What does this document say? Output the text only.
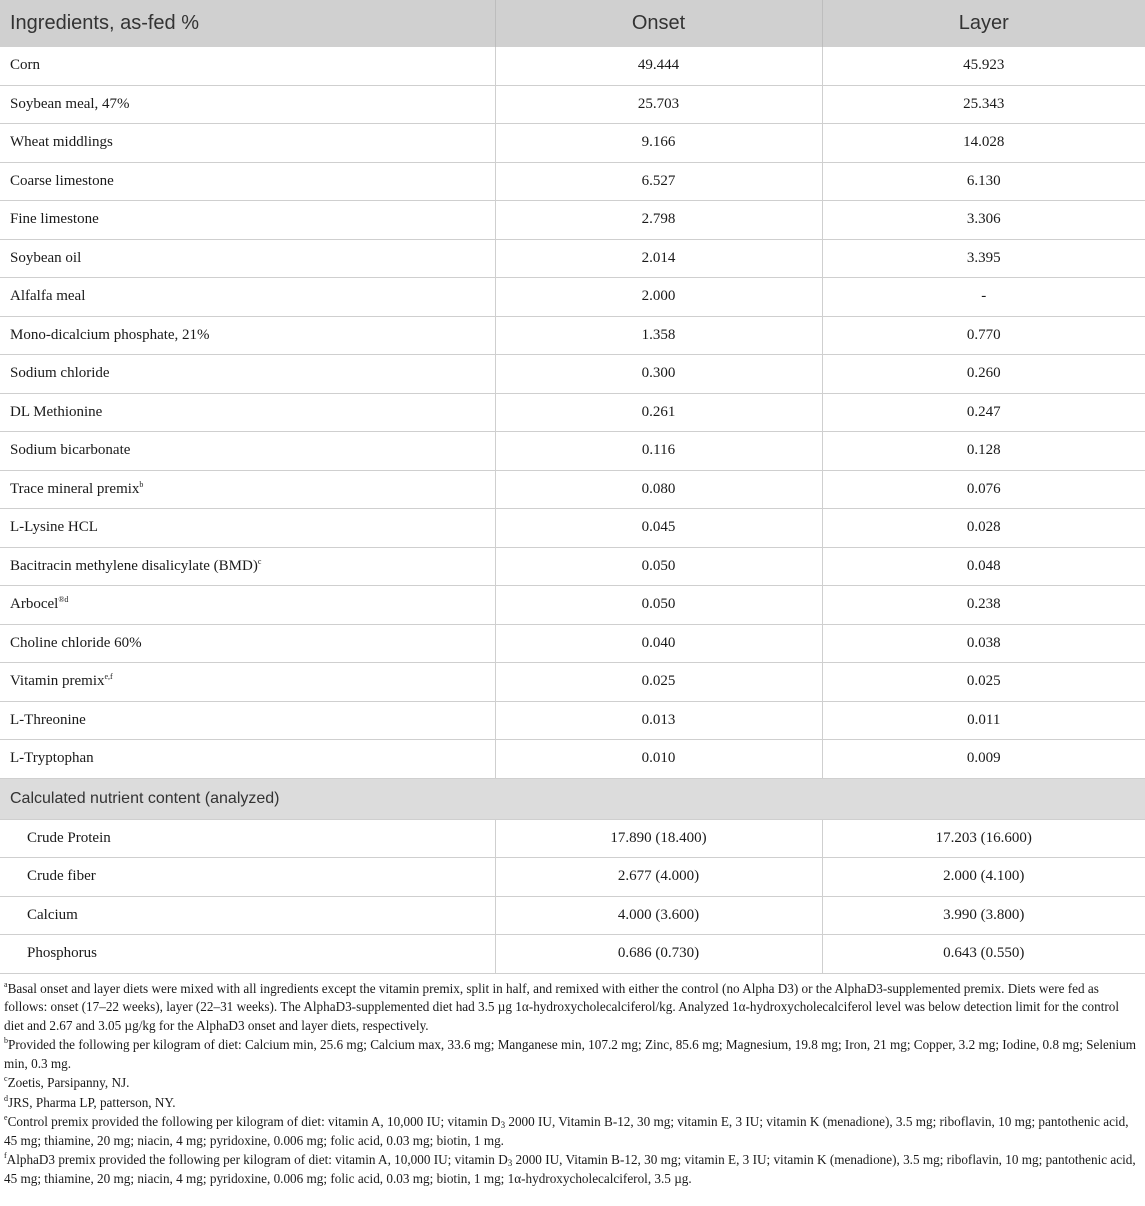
Ingredients, as-fed %	Onset	Layer
Corn	49.444	45.923
Soybean meal, 47%	25.703	25.343
Wheat middlings	9.166	14.028
Coarse limestone	6.527	6.130
Fine limestone	2.798	3.306
Soybean oil	2.014	3.395
Alfalfa meal	2.000	-
Mono-dicalcium phosphate, 21%	1.358	0.770
Sodium chloride	0.300	0.260
DL Methionine	0.261	0.247
Sodium bicarbonate	0.116	0.128
Trace mineral premix$^b$	0.080	0.076
L-Lysine HCL	0.045	0.028
Bacitracin methylene disalicylate (BMD)$^c$	0.050	0.048
Arbocel$^{®d}$	0.050	0.238
Choline chloride 60%	0.040	0.038
Vitamin premix$^{e,f}$	0.025	0.025
L-Threonine	0.013	0.011
L-Tryptophan	0.010	0.009
Calculated nutrient content (analyzed)		
Crude Protein	17.890 (18.400)	17.203 (16.600)
Crude fiber	2.677 (4.000)	2.000 (4.100)
Calcium	4.000 (3.600)	3.990 (3.800)
Phosphorus	0.686 (0.730)	0.643 (0.550)
$^a$Basal onset and layer diets were mixed with all ingredients except the vitamin premix, split in half, and remixed with either the control (no Alpha D3) or the AlphaD3-supplemented premix. Diets were fed as follows: onset (17–22 weeks), layer (22–31 weeks). The AlphaD3-supplemented diet had 3.5 µg 1α-hydroxycholecalciferol/kg. Analyzed 1α-hydroxycholecalciferol level was below detection limit for the control diet and 2.67 and 3.05 µg/kg for the AlphaD3 onset and layer diets, respectively.
$^b$Provided the following per kilogram of diet: Calcium min, 25.6 mg; Calcium max, 33.6 mg; Manganese min, 107.2 mg; Zinc, 85.6 mg; Magnesium, 19.8 mg; Iron, 21 mg; Copper, 3.2 mg; Iodine, 0.8 mg; Selenium min, 0.3 mg.
$^c$Zoetis, Parsipanny, NJ.
$^d$JRS, Pharma LP, patterson, NY.
$^e$Control premix provided the following per kilogram of diet: vitamin A, 10,000 IU; vitamin $D_3$ 2000 IU, Vitamin B-12, 30 mg; vitamin E, 3 IU; vitamin K (menadione), 3.5 mg; riboflavin, 10 mg; pantothenic acid, 45 mg; thiamine, 20 mg; niacin, 4 mg; pyridoxine, 0.006 mg; folic acid, 0.03 mg; biotin, 1 mg.
$^f$AlphaD3 premix provided the following per kilogram of diet: vitamin A, 10,000 IU; vitamin $D_3$ 2000 IU, Vitamin B-12, 30 mg; vitamin E, 3 IU; vitamin K (menadione), 3.5 mg; riboflavin, 10 mg; pantothenic acid, 45 mg; thiamine, 20 mg; niacin, 4 mg; pyridoxine, 0.006 mg; folic acid, 0.03 mg; biotin, 1 mg; 1α-hydroxycholecalciferol, 3.5 µg.
